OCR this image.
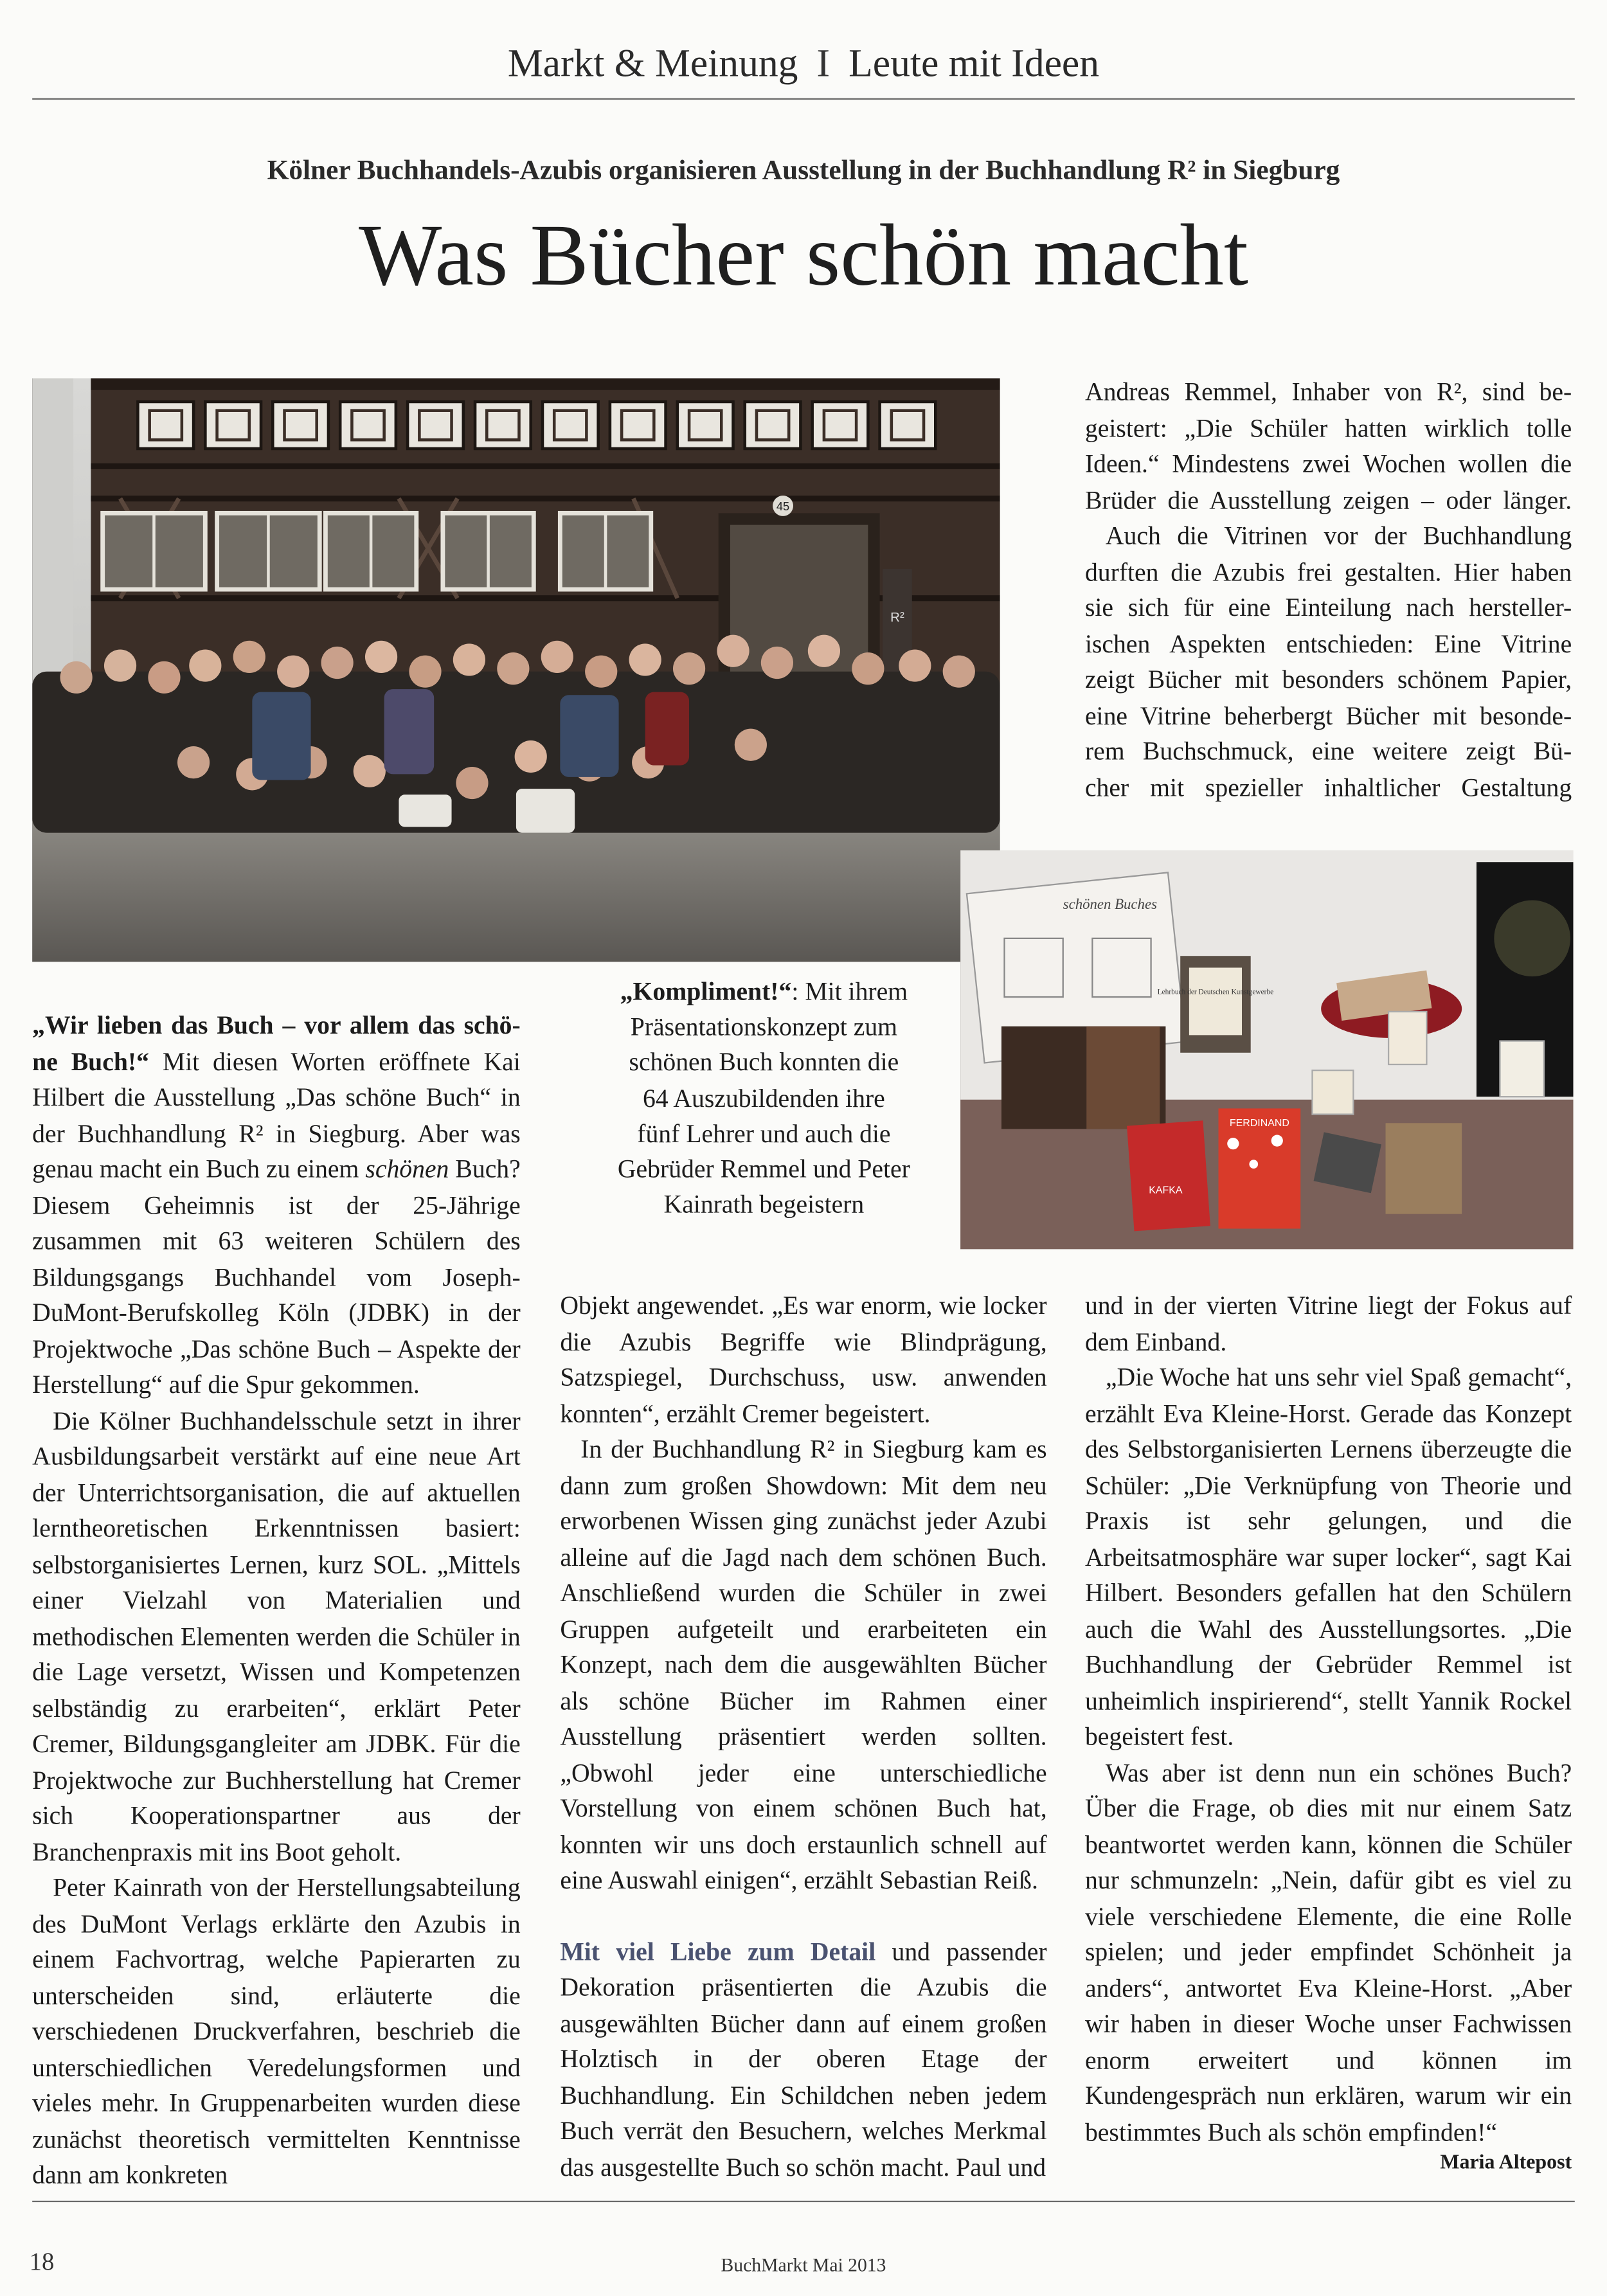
Markt & Meinung I Leute mit Ideen
Kölner Buchhandels-Azubis organisieren Ausstellung in der Buchhandlung R² in Siegburg
Was Bücher schön macht
45
R²
schönen Buches
Lehrbuch der Deutschen Kunstgewerbe
KAFKA
FERDINAND

Andreas Remmel, Inhaber von R², sind be-

geistert: „Die Schüler hatten wirklich tolle

Ideen.“ Mindestens zwei Wochen wollen die

Brüder die Ausstellung zeigen – oder länger.

Auch die Vitrinen vor der Buchhandlung

durften die Azubis frei gestalten. Hier haben

sie sich für eine Einteilung nach hersteller-

ischen Aspekten entschieden: Eine Vitrine

zeigt Bücher mit besonders schönem Papier,

eine Vitrine beherbergt Bücher mit besonde-

rem Buchschmuck, eine weitere zeigt Bü-

cher mit spezieller inhaltlicher Gestaltung

„Kompliment!“: Mit ihrem
Präsentationskonzept zum
schönen Buch konnten die
64 Auszubildenden ihre
fünf Lehrer und auch die
Gebrüder Remmel und Peter
Kainrath begeistern

„Wir lieben das Buch – vor allem das schö-ne Buch!“ Mit diesen Worten eröffnete Kai Hilbert die Ausstellung „Das schöne Buch“ in der Buchhandlung R² in Siegburg. Aber was genau macht ein Buch zu einem schönen Buch? Diesem Geheimnis ist der 25-Jährige zusammen mit 63 weiteren Schülern des Bildungsgangs Buchhandel vom Joseph-DuMont-Berufskolleg Köln (JDBK) in der Projektwoche „Das schöne Buch – Aspekte der Herstellung“ auf die Spur gekommen.

Die Kölner Buchhandelsschule setzt in ihrer Ausbildungsarbeit verstärkt auf eine neue Art der Unterrichtsorganisation, die auf aktuellen lerntheoretischen Erkenntnissen basiert: selbstorganisiertes Lernen, kurz SOL. „Mittels einer Vielzahl von Materialien und methodischen Elementen werden die Schüler in die Lage versetzt, Wissen und Kompetenzen selbständig zu erarbeiten“, erklärt Peter Cremer, Bildungsgangleiter am JDBK. Für die Projektwoche zur Buchherstellung hat Cremer sich Kooperationspartner aus der Branchenpraxis mit ins Boot geholt.

Peter Kainrath von der Herstellungsabteilung des DuMont Verlags erklärte den Azubis in einem Fachvortrag, welche Papierarten zu unterscheiden sind, erläuterte die verschiedenen Druckverfahren, beschrieb die unterschiedlichen Veredelungsformen und vieles mehr. In Gruppenarbeiten wurden diese zunächst theoretisch vermittelten Kenntnisse dann am konkreten

Objekt angewendet. „Es war enorm, wie locker die Azubis Begriffe wie Blindprägung, Satzspiegel, Durchschuss, usw. anwenden konnten“, erzählt Cremer begeistert.

In der Buchhandlung R² in Siegburg kam es dann zum großen Showdown: Mit dem neu erworbenen Wissen ging zunächst jeder Azubi alleine auf die Jagd nach dem schönen Buch. Anschließend wurden die Schüler in zwei Gruppen aufgeteilt und erarbeiteten ein Konzept, nach dem die ausgewählten Bücher als schöne Bücher im Rahmen einer Ausstellung präsentiert werden sollten. „Obwohl jeder eine unterschiedliche Vorstellung von einem schönen Buch hat, konnten wir uns doch erstaunlich schnell auf eine Auswahl einigen“, erzählt Sebastian Reiß.

Mit viel Liebe zum Detail und passender Dekoration präsentierten die Azubis die ausgewählten Bücher dann auf einem großen Holztisch in der oberen Etage der Buchhandlung. Ein Schildchen neben jedem Buch verrät den Besuchern, welches Merkmal das ausgestellte Buch so schön macht. Paul und

und in der vierten Vitrine liegt der Fokus auf dem Einband.

„Die Woche hat uns sehr viel Spaß gemacht“, erzählt Eva Kleine-Horst. Gerade das Konzept des Selbstorganisierten Lernens überzeugte die Schüler: „Die Verknüpfung von Theorie und Praxis ist sehr gelungen, und die Arbeitsatmosphäre war super locker“, sagt Kai Hilbert. Besonders gefallen hat den Schülern auch die Wahl des Ausstellungsortes. „Die Buchhandlung der Gebrüder Remmel ist unheimlich inspirierend“, stellt Yannik Rockel begeistert fest.

Was aber ist denn nun ein schönes Buch? Über die Frage, ob dies mit nur einem Satz beantwortet werden kann, können die Schüler nur schmunzeln: „Nein, dafür gibt es viel zu viele verschiedene Elemente, die eine Rolle spielen; und jeder empfindet Schönheit ja anders“, antwortet Eva Kleine-Horst. „Aber wir haben in dieser Woche unser Fachwissen enorm erweitert und können im Kundengespräch nun erklären, warum wir ein bestimmtes Buch als schön empfinden!“

Maria Altepost
18	BuchMarkt Mai 2013
